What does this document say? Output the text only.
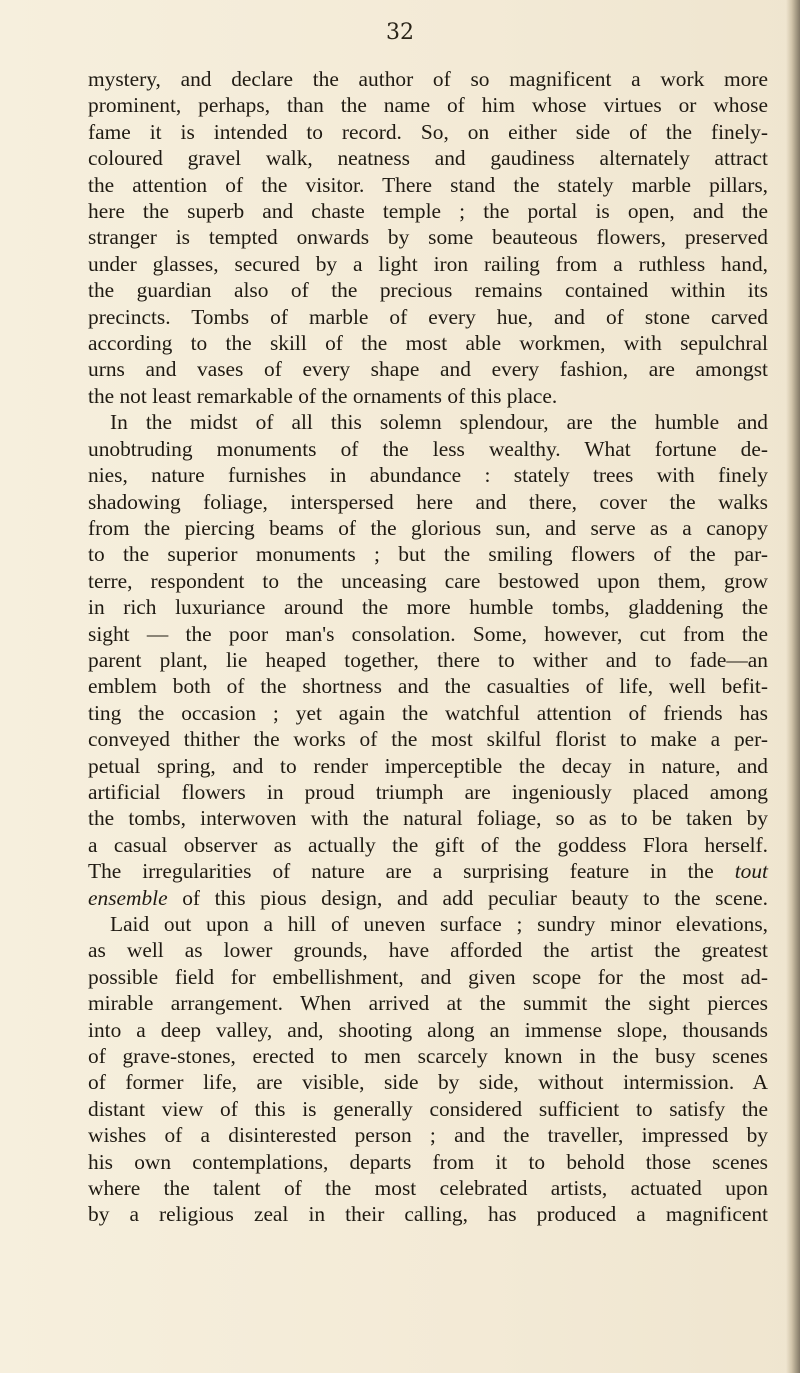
32
mystery, and declare the author of so magnificent a work more
prominent, perhaps, than the name of him whose virtues or whose
fame it is intended to record. So, on either side of the finely-
coloured gravel walk, neatness and gaudiness alternately attract
the attention of the visitor. There stand the stately marble pillars,
here the superb and chaste temple ; the portal is open, and the
stranger is tempted onwards by some beauteous flowers, preserved
under glasses, secured by a light iron railing from a ruthless hand,
the guardian also of the precious remains contained within its
precincts. Tombs of marble of every hue, and of stone carved
according to the skill of the most able workmen, with sepulchral
urns and vases of every shape and every fashion, are amongst
the not least remarkable of the ornaments of this place.
In the midst of all this solemn splendour, are the humble and
unobtruding monuments of the less wealthy. What fortune de-
nies, nature furnishes in abundance : stately trees with finely
shadowing foliage, interspersed here and there, cover the walks
from the piercing beams of the glorious sun, and serve as a canopy
to the superior monuments ; but the smiling flowers of the par-
terre, respondent to the unceasing care bestowed upon them, grow
in rich luxuriance around the more humble tombs, gladdening the
sight — the poor man's consolation. Some, however, cut from the
parent plant, lie heaped together, there to wither and to fade—an
emblem both of the shortness and the casualties of life, well befit-
ting the occasion ; yet again the watchful attention of friends has
conveyed thither the works of the most skilful florist to make a per-
petual spring, and to render imperceptible the decay in nature, and
artificial flowers in proud triumph are ingeniously placed among
the tombs, interwoven with the natural foliage, so as to be taken by
a casual observer as actually the gift of the goddess Flora herself.
The irregularities of nature are a surprising feature in the tout
ensemble of this pious design, and add peculiar beauty to the scene.
Laid out upon a hill of uneven surface ; sundry minor elevations,
as well as lower grounds, have afforded the artist the greatest
possible field for embellishment, and given scope for the most ad-
mirable arrangement. When arrived at the summit the sight pierces
into a deep valley, and, shooting along an immense slope, thousands
of grave-stones, erected to men scarcely known in the busy scenes
of former life, are visible, side by side, without intermission. A
distant view of this is generally considered sufficient to satisfy the
wishes of a disinterested person ; and the traveller, impressed by
his own contemplations, departs from it to behold those scenes
where the talent of the most celebrated artists, actuated upon
by a religious zeal in their calling, has produced a magnificent
